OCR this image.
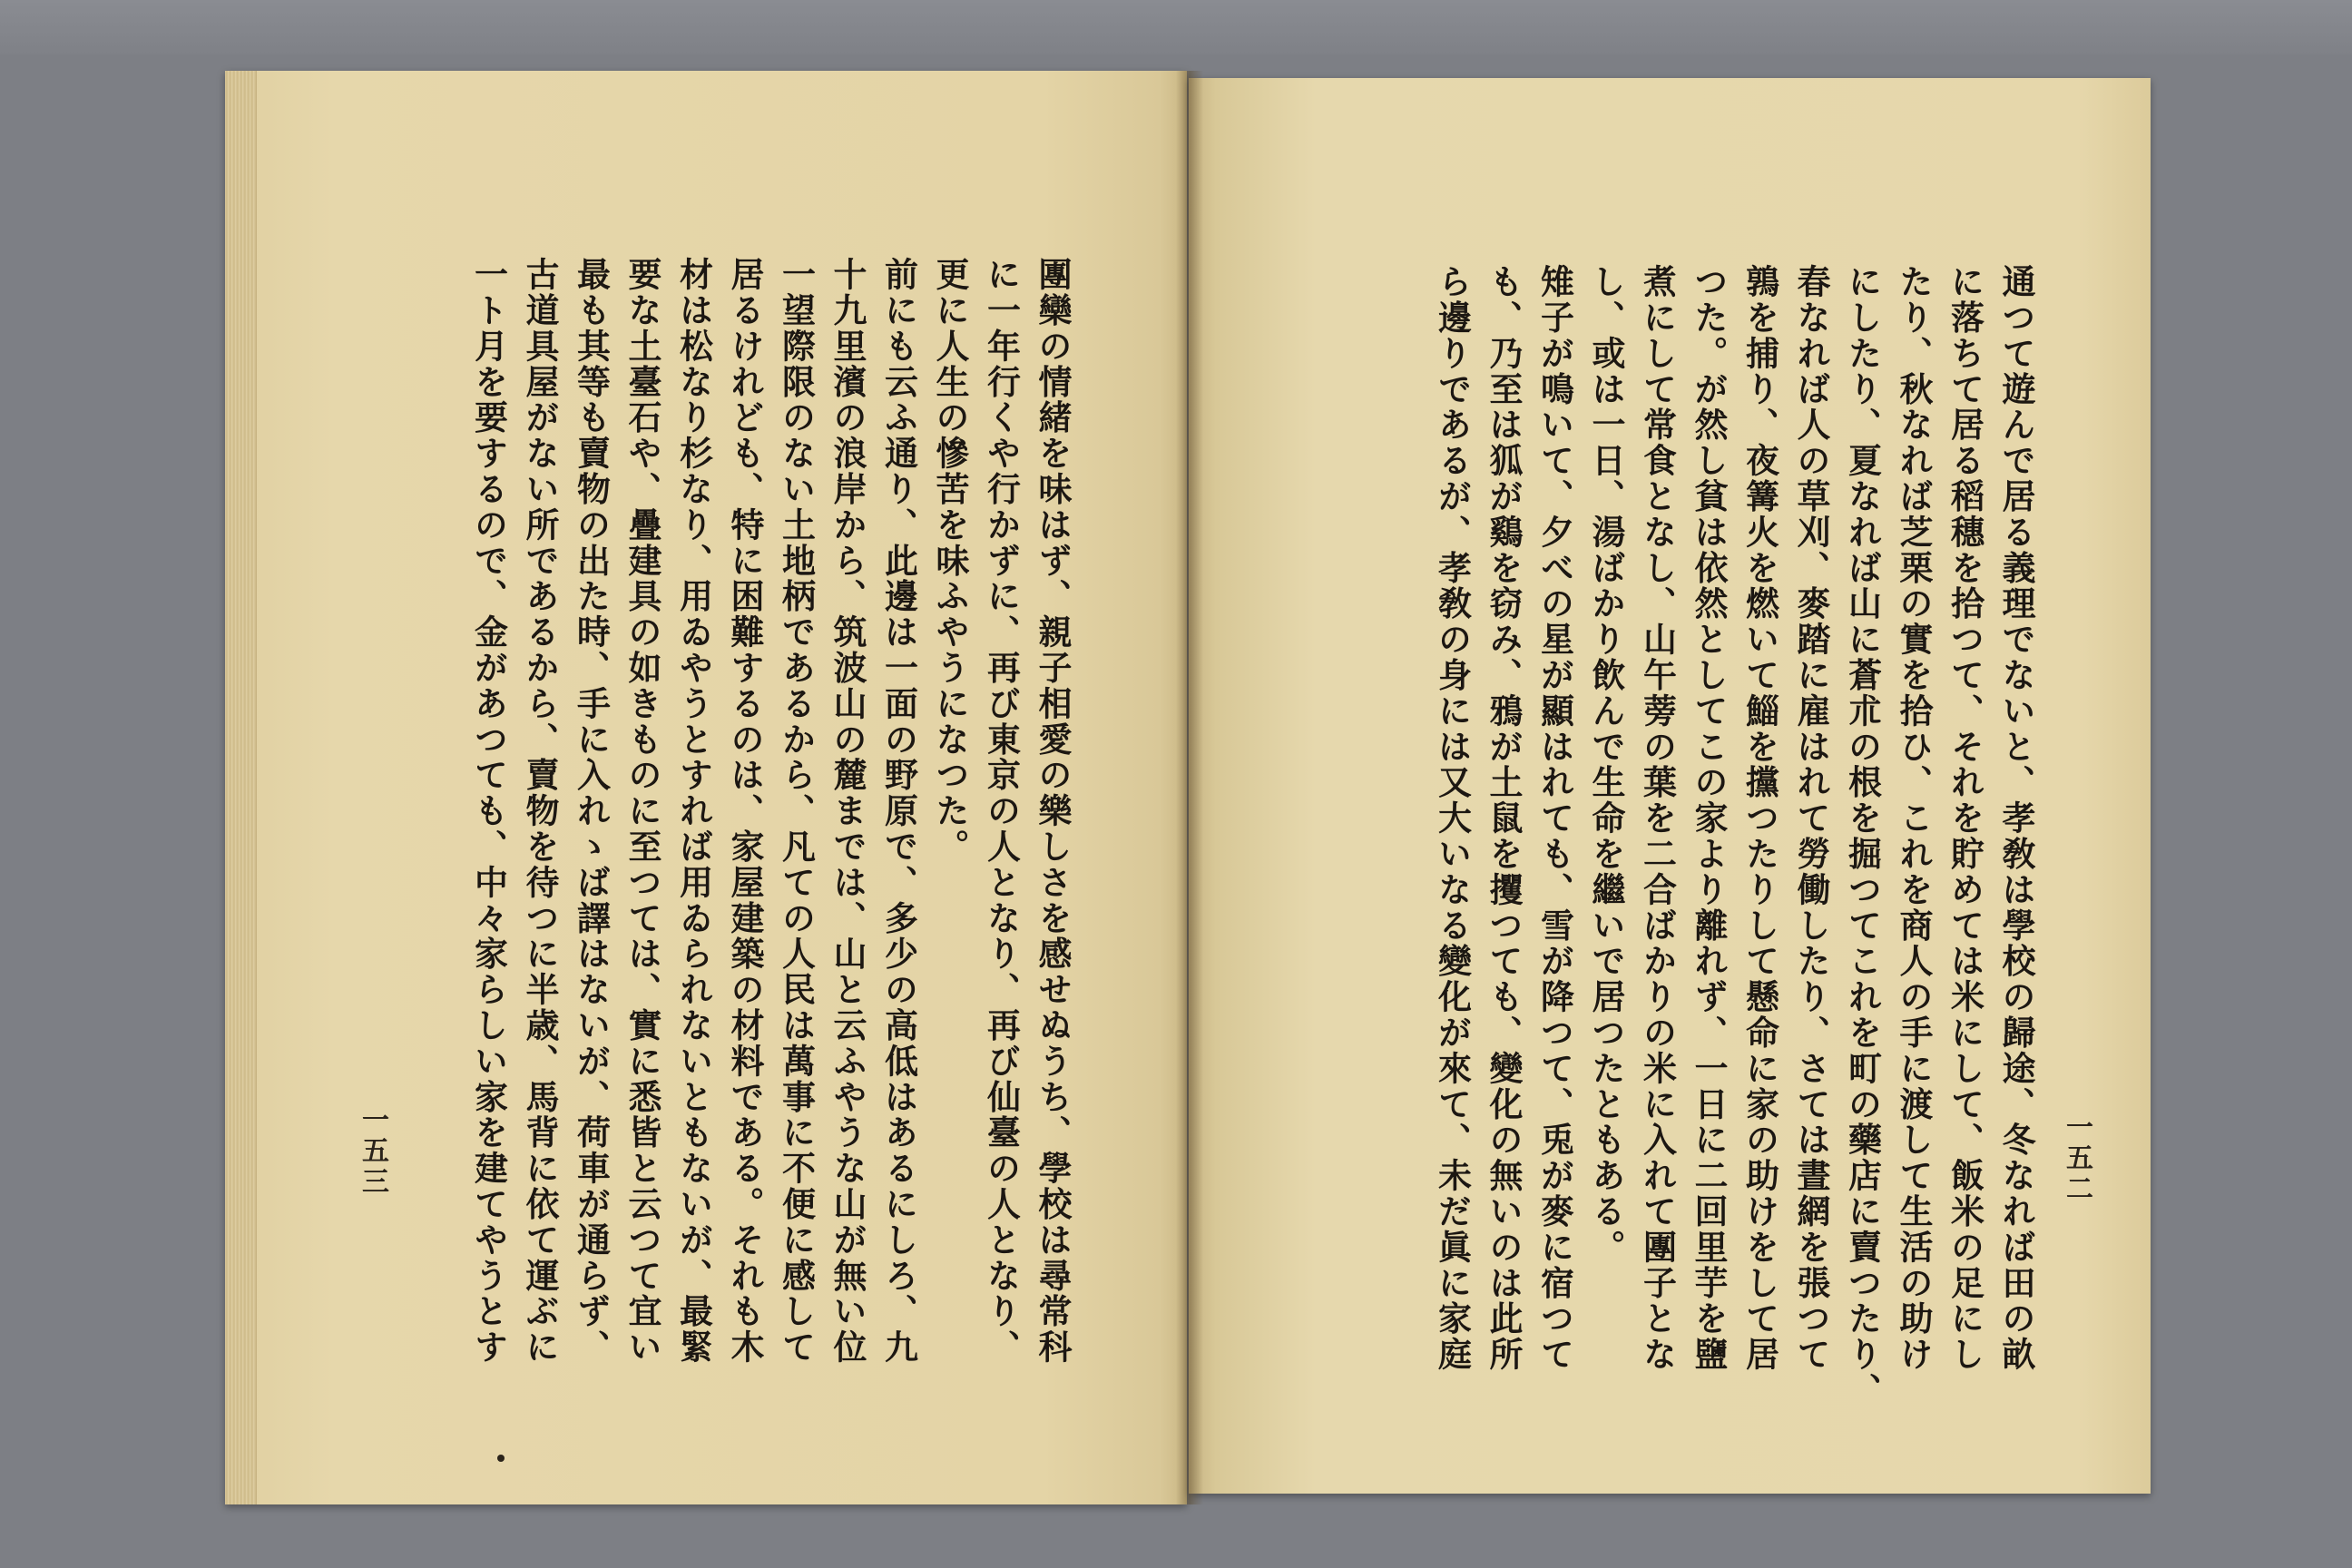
團欒の情緒を味はず、親子相愛の樂しさを感せぬうち、學校は尋常科
に一年行くや行かずに、再び東京の人となり、再び仙臺の人となり、
更に人生の慘苦を味ふやうになつた。
前にも云ふ通り、此邊は一面の野原で、多少の高低はあるにしろ、九
十九里濱の浪岸から、筑波山の麓までは、山と云ふやうな山が無い位
一望際限のない土地柄であるから、凡ての人民は萬事に不便に感して
居るけれども、特に困難するのは、家屋建築の材料である。それも木
材は松なり杉なり、用ゐやうとすれば用ゐられないともないが、最緊
要な土臺石や、疊建具の如きものに至つては、實に悉皆と云つて宜い
最も其等も賣物の出た時、手に入れゝば譯はないが、荷車が通らず、
古道具屋がない所であるから、賣物を待つに半歳、馬背に依て運ぶに
一ト月を要するので、金があつても、中々家らしい家を建てやうとす
一五三	通つて遊んで居る義理でないと、孝敎は學校の歸途、冬なれば田の畝
に落ちて居る稻穗を拾つて、それを貯めては米にして、飯米の足にし
たり、秋なれば芝栗の實を拾ひ、これを商人の手に渡して生活の助け
にしたり、夏なれば山に蒼朮の根を掘つてこれを町の藥店に賣つたり、
春なれば人の草刈、麥踏に雇はれて勞働したり、さては晝網を張つて
鶉を捕り、夜篝火を燃いて鯔を攩つたりして懸命に家の助けをして居
つた。が然し貧は依然としてこの家より離れず、一日に二回里芋を鹽
煮にして常食となし、山午蒡の葉を二合ばかりの米に入れて團子とな
し、或は一日、湯ばかり飲んで生命を繼いで居つたともある。
雉子が鳴いて、夕べの星が顯はれても、雪が降つて、兎が麥に宿つて
も、乃至は狐が鷄を窃み、鴉が土鼠を攫つても、變化の無いのは此所
ら邊りであるが、孝敎の身には又大いなる變化が來て、未だ眞に家庭	一五二
